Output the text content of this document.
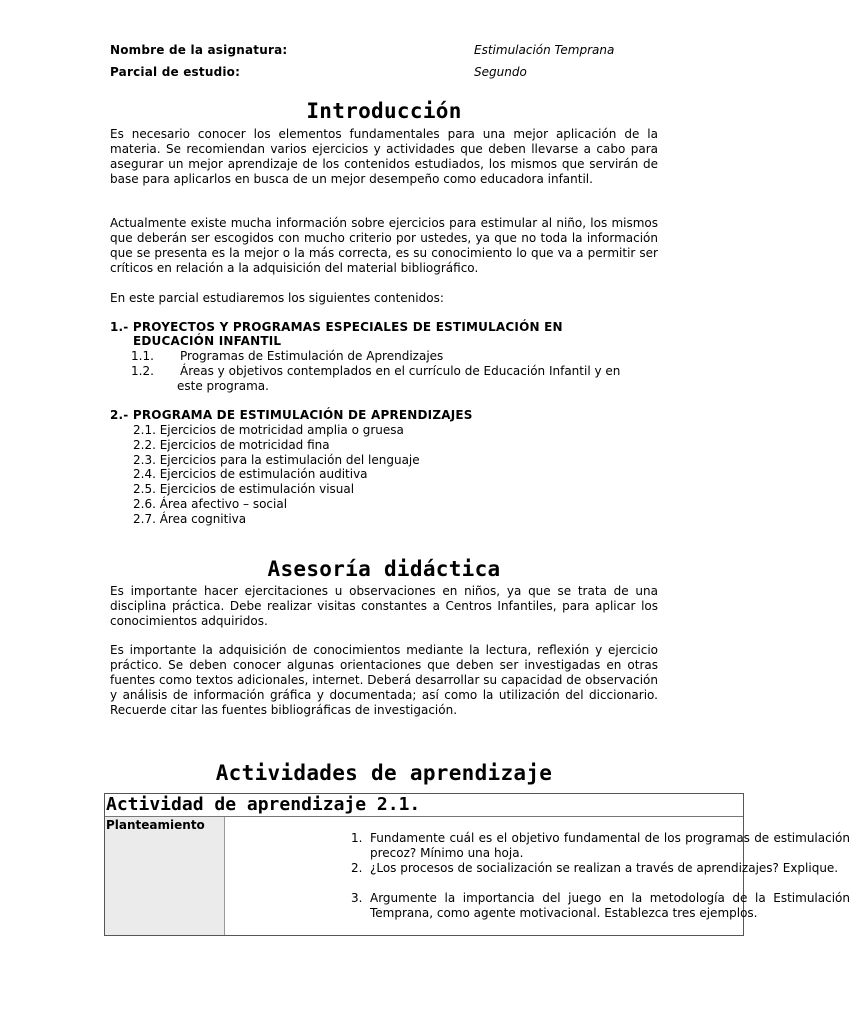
Nombre de la asignatura:	Estimulación Temprana
Parcial de estudio:	Segundo
Introducción

Es necesario conocer los elementos fundamentales para una mejor aplicación de la materia. Se recomiendan varios ejercicios y actividades que deben llevarse a cabo para asegurar un mejor aprendizaje de los contenidos estudiados, los mismos que servirán de base para aplicarlos en busca de un mejor desempeño como educadora infantil.

Actualmente existe mucha información sobre ejercicios para estimular al niño, los mismos que deberán ser escogidos con mucho criterio por ustedes, ya que no toda la información que se presenta es la mejor o la más correcta, es su conocimiento lo que va a permitir ser críticos en relación a la adquisición del material bibliográfico.

En este parcial estudiaremos los siguientes contenidos:

1.- PROYECTOS Y PROGRAMAS ESPECIALES DE ESTIMULACIÓN EN
EDUCACIÓN INFANTIL
1.1. Programas de Estimulación de Aprendizajes
1.2. Áreas y objetivos contemplados en el currículo de Educación Infantil y en
este programa.
2.- PROGRAMA DE ESTIMULACIÓN DE APRENDIZAJES
2.1. Ejercicios de motricidad amplia o gruesa
2.2. Ejercicios de motricidad fina
2.3. Ejercicios para la estimulación del lenguaje
2.4. Ejercicios de estimulación auditiva
2.5. Ejercicios de estimulación visual
2.6. Área afectivo – social
2.7. Área cognitiva
Asesoría didáctica

Es importante hacer ejercitaciones u observaciones en niños, ya que se trata de una disciplina práctica. Debe realizar visitas constantes a Centros Infantiles, para aplicar los conocimientos adquiridos.

Es importante la adquisición de conocimientos mediante la lectura, reflexión y ejercicio práctico. Se deben conocer algunas orientaciones que deben ser investigadas en otras fuentes como textos adicionales, internet. Deberá desarrollar su capacidad de observación y análisis de información gráfica y documentada; así como la utilización del diccionario. Recuerde citar las fuentes bibliográficas de investigación.

Actividades de aprendizaje
Actividad de aprendizaje 2.1.
Planteamiento
1. Fundamente cuál es el objetivo fundamental de los programas de estimulación precoz? Mínimo una hoja.

2. ¿Los procesos de socialización se realizan a través de aprendizajes? Explique.

3. Argumente la importancia del juego en la metodología de la Estimulación Temprana, como agente motivacional. Establezca tres ejemplos.
